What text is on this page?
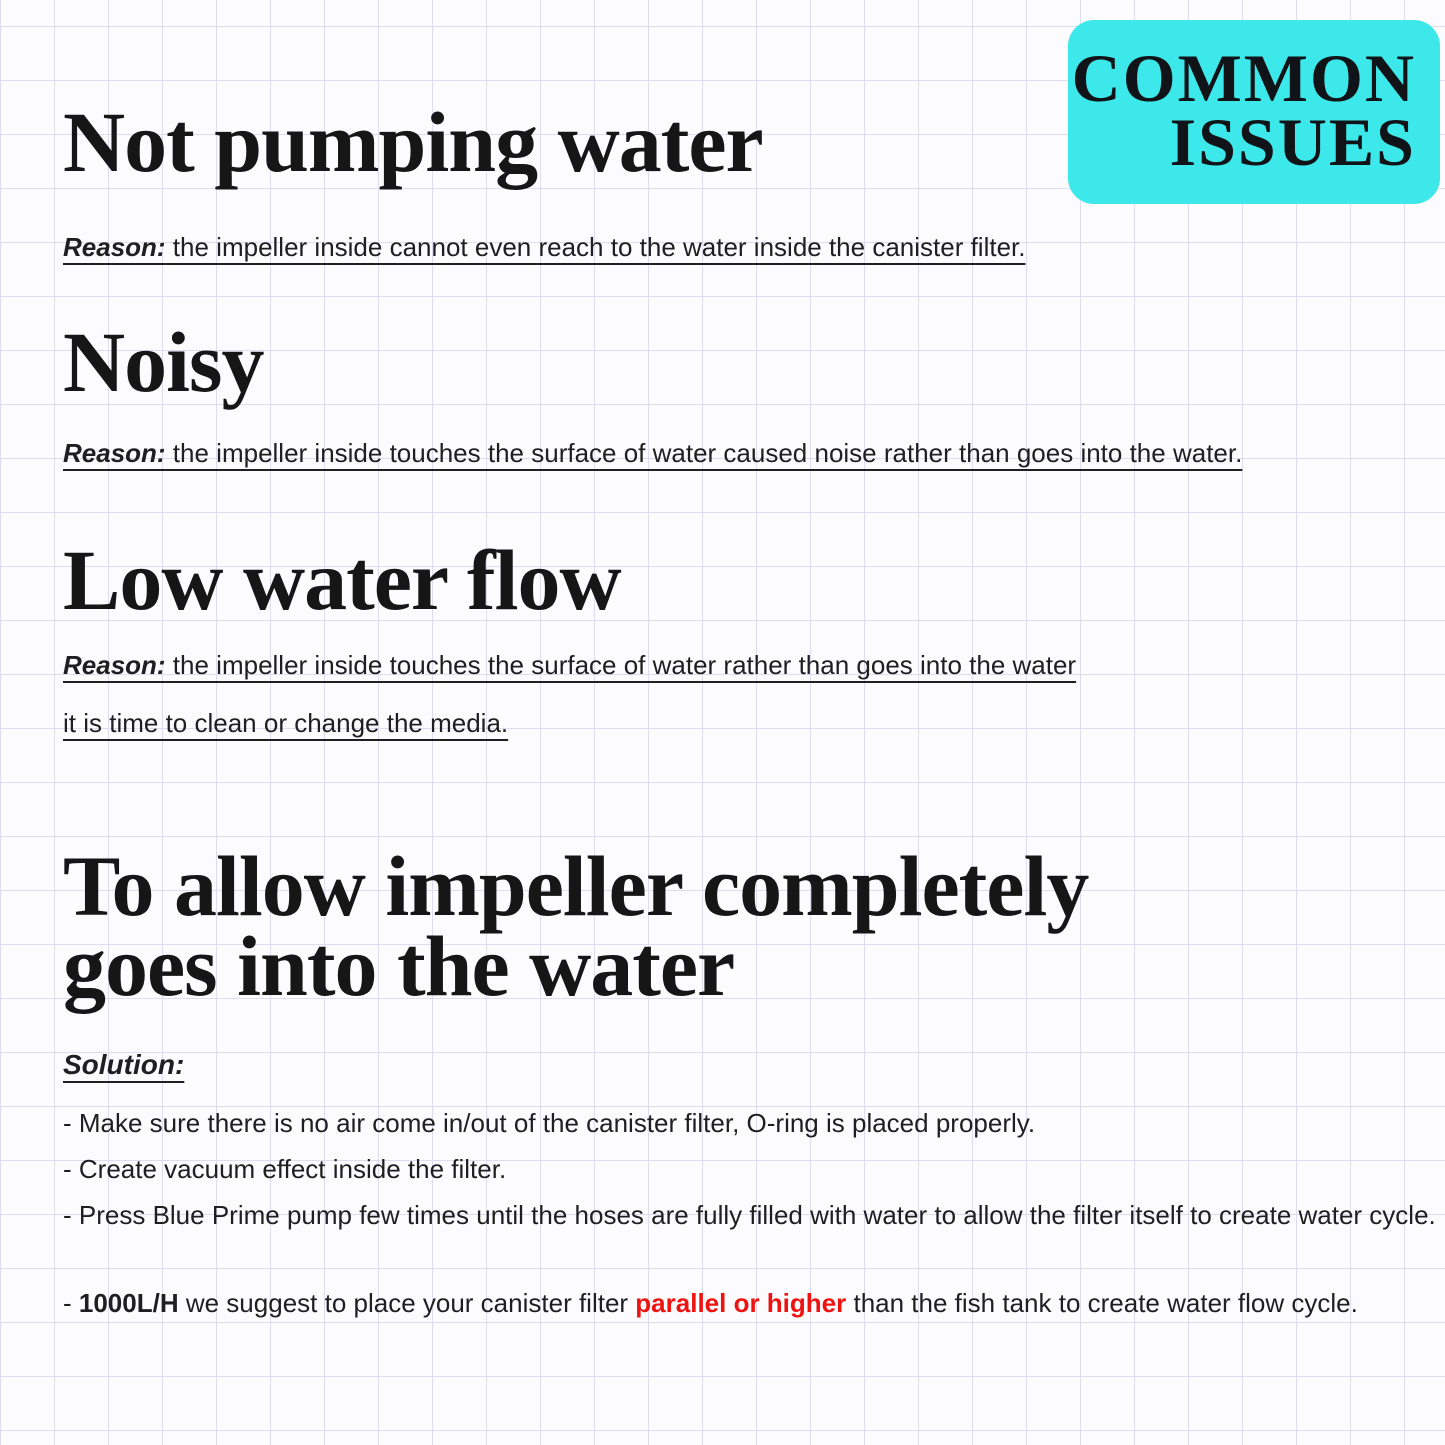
COMMON
ISSUES
Not pumping water

Reason: the impeller inside cannot even reach to the water inside the canister filter.

Noisy

Reason: the impeller inside touches the surface of water caused noise rather than goes into the water.

Low water flow

Reason: the impeller inside touches the surface of water rather than goes into the water

it is time to clean or change the media.

To allow impeller completely
goes into the water

Solution:

- Make sure there is no air come in/out of the canister filter, O-ring is placed properly.

- Create vacuum effect inside the filter.

- Press Blue Prime pump few times until the hoses are fully filled with water to allow the filter itself to create water cycle.

- 1000L/H we suggest to place your canister filter parallel or higher than the fish tank to create water flow cycle.
